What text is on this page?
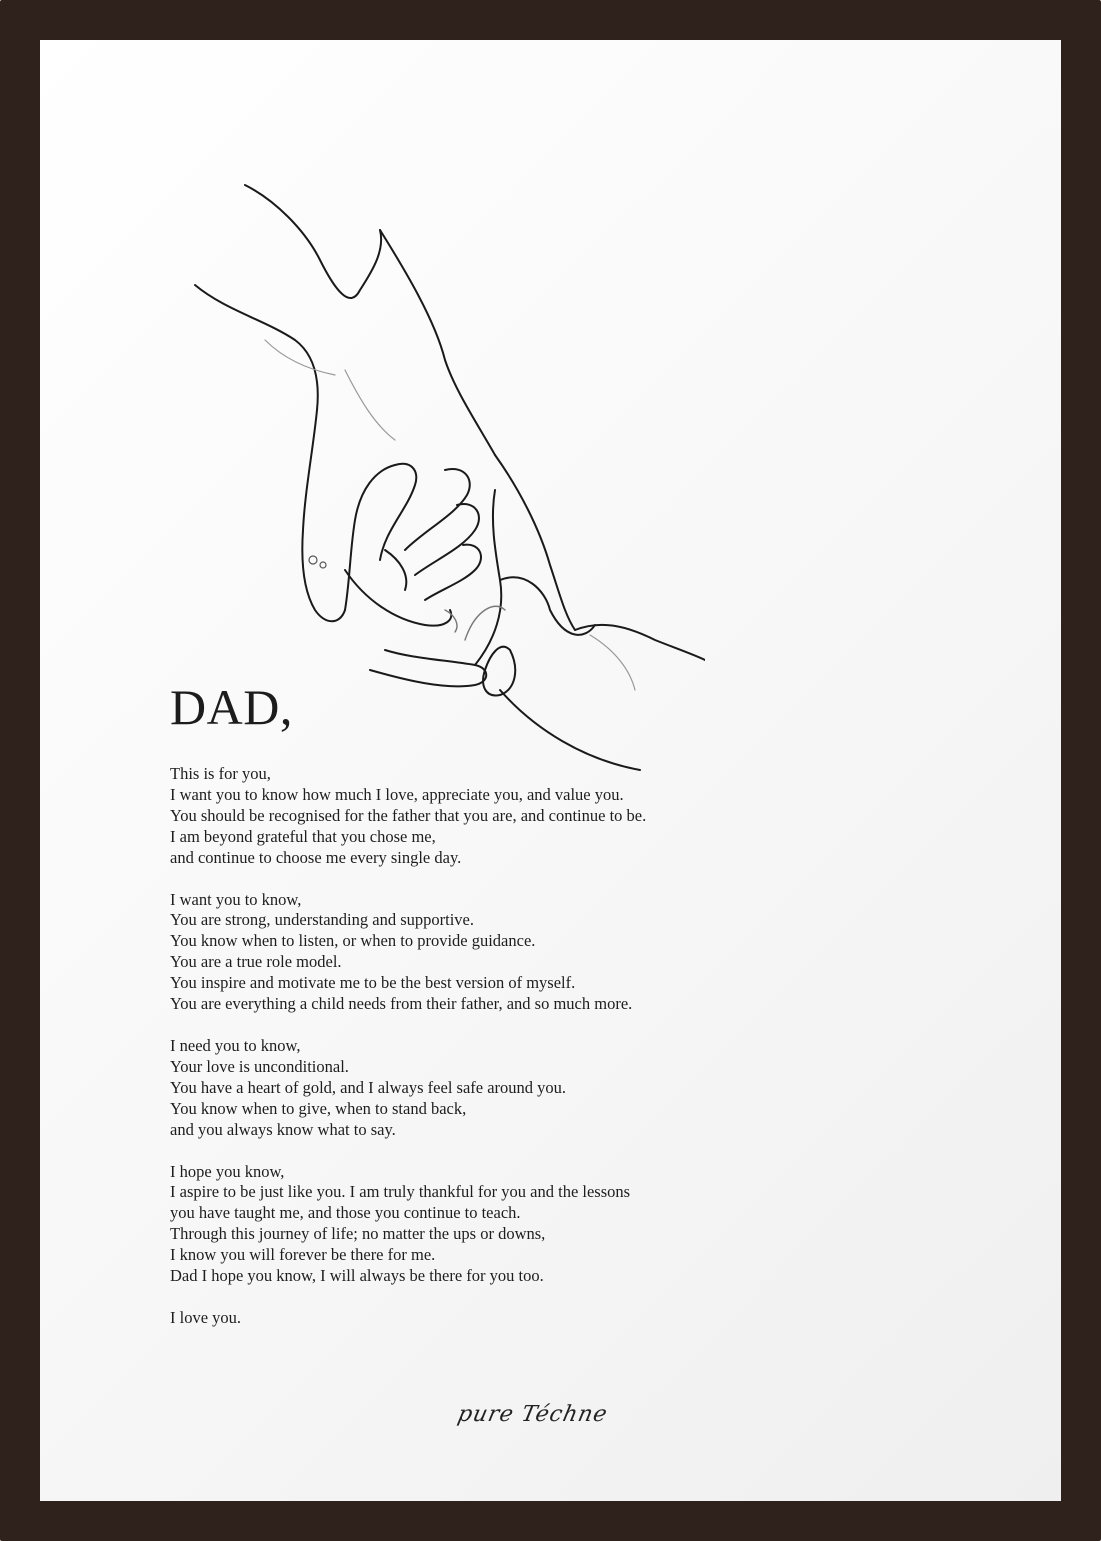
DAD,
This is for you,
I want you to know how much I love, appreciate you, and value you.
You should be recognised for the father that you are, and continue to be.
I am beyond grateful that you chose me,
and continue to choose me every single day.
I want you to know,
You are strong, understanding and supportive.
You know when to listen, or when to provide guidance.
You are a true role model.
You inspire and motivate me to be the best version of myself.
You are everything a child needs from their father, and so much more.
I need you to know,
Your love is unconditional.
You have a heart of gold, and I always feel safe around you.
You know when to give, when to stand back,
and you always know what to say.
I hope you know,
I aspire to be just like you. I am truly thankful for you and the lessons
you have taught me, and those you continue to teach.
Through this journey of life; no matter the ups or downs,
I know you will forever be there for me.
Dad I hope you know, I will always be there for you too.
I love you.
pure Téchne
